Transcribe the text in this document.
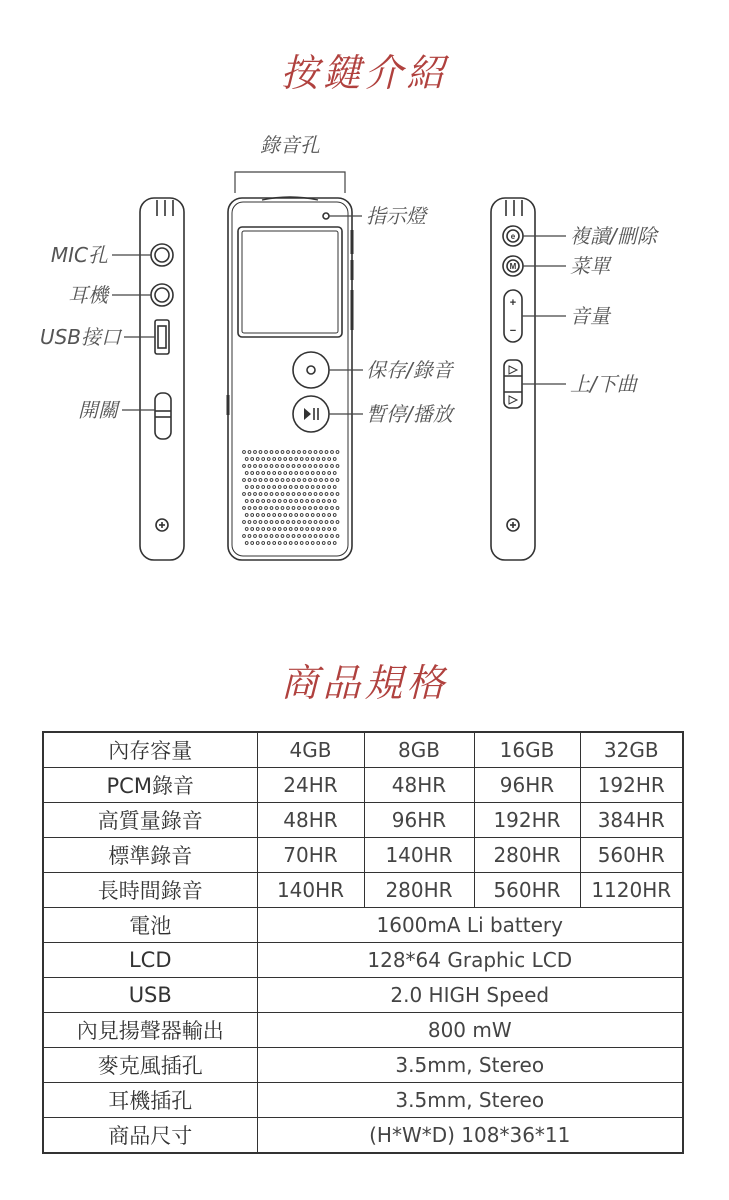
按鍵介紹
e
M
+
−
錄音孔
指示燈
MIC孔
耳機
USB接口
開關
保存/錄音
暫停/播放
複讀/刪除
菜單
音量
上/下曲
商品規格
內存容量	4GB	8GB	16GB	32GB
PCM錄音	24HR	48HR	96HR	192HR
高質量錄音	48HR	96HR	192HR	384HR
標準錄音	70HR	140HR	280HR	560HR
長時間錄音	140HR	280HR	560HR	1120HR
電池	1600mA Li battery			
LCD	128*64 Graphic LCD			
USB	2.0 HIGH Speed			
內見揚聲器輸出	800 mW			
麥克風插孔	3.5mm, Stereo			
耳機插孔	3.5mm, Stereo			
商品尺寸	(H*W*D) 108*36*11			
